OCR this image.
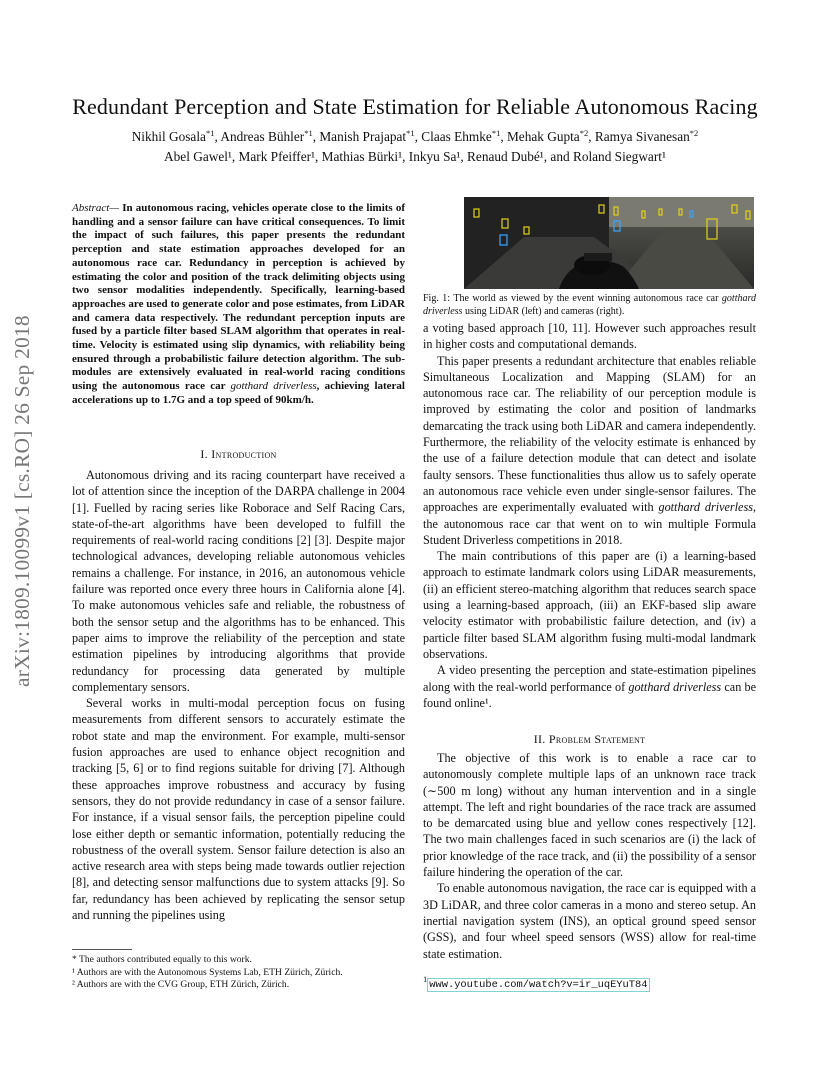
arXiv:1809.10099v1 [cs.RO] 26 Sep 2018
Redundant Perception and State Estimation for Reliable Autonomous Racing
Nikhil Gosala$^{*1}$, Andreas Bühler$^{*1}$, Manish Prajapat$^{*1}$, Claas Ehmke$^{*1}$, Mehak Gupta$^{*2}$, Ramya Sivanesan$^{*2}$
Abel Gawel¹, Mark Pfeiffer¹, Mathias Bürki¹, Inkyu Sa¹, Renaud Dubé¹, and Roland Siegwart¹
Abstract— In autonomous racing, vehicles operate close to the limits of handling and a sensor failure can have critical consequences. To limit the impact of such failures, this paper presents the redundant perception and state estimation approaches developed for an autonomous race car. Redundancy in perception is achieved by estimating the color and position of the track delimiting objects using two sensor modalities independently. Specifically, learning-based approaches are used to generate color and pose estimates, from LiDAR and camera data respectively. The redundant perception inputs are fused by a particle filter based SLAM algorithm that operates in real-time. Velocity is estimated using slip dynamics, with reliability being ensured through a probabilistic failure detection algorithm. The sub-modules are extensively evaluated in real-world racing conditions using the autonomous race car gotthard driverless, achieving lateral accelerations up to 1.7G and a top speed of 90km/h.
I. Introduction

Autonomous driving and its racing counterpart have received a lot of attention since the inception of the DARPA challenge in 2004 [1]. Fuelled by racing series like Roborace and Self Racing Cars, state-of-the-art algorithms have been developed to fulfill the requirements of real-world racing conditions [2] [3]. Despite major technological advances, developing reliable autonomous vehicles remains a challenge. For instance, in 2016, an autonomous vehicle failure was reported once every three hours in California alone [4]. To make autonomous vehicles safe and reliable, the robustness of both the sensor setup and the algorithms has to be enhanced. This paper aims to improve the reliability of the perception and state estimation pipelines by introducing algorithms that provide redundancy for processing data generated by multiple complementary sensors.

Several works in multi-modal perception focus on fusing measurements from different sensors to accurately estimate the robot state and map the environment. For example, multi-sensor fusion approaches are used to enhance object recognition and tracking [5, 6] or to find regions suitable for driving [7]. Although these approaches improve robustness and accuracy by fusing sensors, they do not provide redundancy in case of a sensor failure. For instance, if a visual sensor fails, the perception pipeline could lose either depth or semantic information, potentially reducing the robustness of the overall system. Sensor failure detection is also an active research area with steps being made towards outlier rejection [8], and detecting sensor malfunctions due to system attacks [9]. So far, redundancy has been achieved by replicating the sensor setup and running the pipelines using

* The authors contributed equally to this work.
¹ Authors are with the Autonomous Systems Lab, ETH Zürich, Zürich.
² Authors are with the CVG Group, ETH Zürich, Zürich.
Fig. 1: The world as viewed by the event winning autonomous race car gotthard driverless using LiDAR (left) and cameras (right).

a voting based approach [10, 11]. However such approaches result in higher costs and computational demands.

This paper presents a redundant architecture that enables reliable Simultaneous Localization and Mapping (SLAM) for an autonomous race car. The reliability of our perception module is improved by estimating the color and position of landmarks demarcating the track using both LiDAR and camera independently. Furthermore, the reliability of the velocity estimate is enhanced by the use of a failure detection module that can detect and isolate faulty sensors. These functionalities thus allow us to safely operate an autonomous race vehicle even under single-sensor failures. The approaches are experimentally evaluated with gotthard driverless, the autonomous race car that went on to win multiple Formula Student Driverless competitions in 2018.

The main contributions of this paper are (i) a learning-based approach to estimate landmark colors using LiDAR measurements, (ii) an efficient stereo-matching algorithm that reduces search space using a learning-based approach, (iii) an EKF-based slip aware velocity estimator with probabilistic failure detection, and (iv) a particle filter based SLAM algorithm fusing multi-modal landmark observations.

A video presenting the perception and state-estimation pipelines along with the real-world performance of gotthard driverless can be found online¹.

II. Problem Statement

The objective of this work is to enable a race car to autonomously complete multiple laps of an unknown race track (∼500 m long) without any human intervention and in a single attempt. The left and right boundaries of the race track are assumed to be demarcated using blue and yellow cones respectively [12]. The two main challenges faced in such scenarios are (i) the lack of prior knowledge of the race track, and (ii) the possibility of a sensor failure hindering the operation of the car.

To enable autonomous navigation, the race car is equipped with a 3D LiDAR, and three color cameras in a mono and stereo setup. An inertial navigation system (INS), an optical ground speed sensor (GSS), and four wheel speed sensors (WSS) allow for real-time state estimation.

$^1$ www.youtube.com/watch?v=ir_uqEYuT84
